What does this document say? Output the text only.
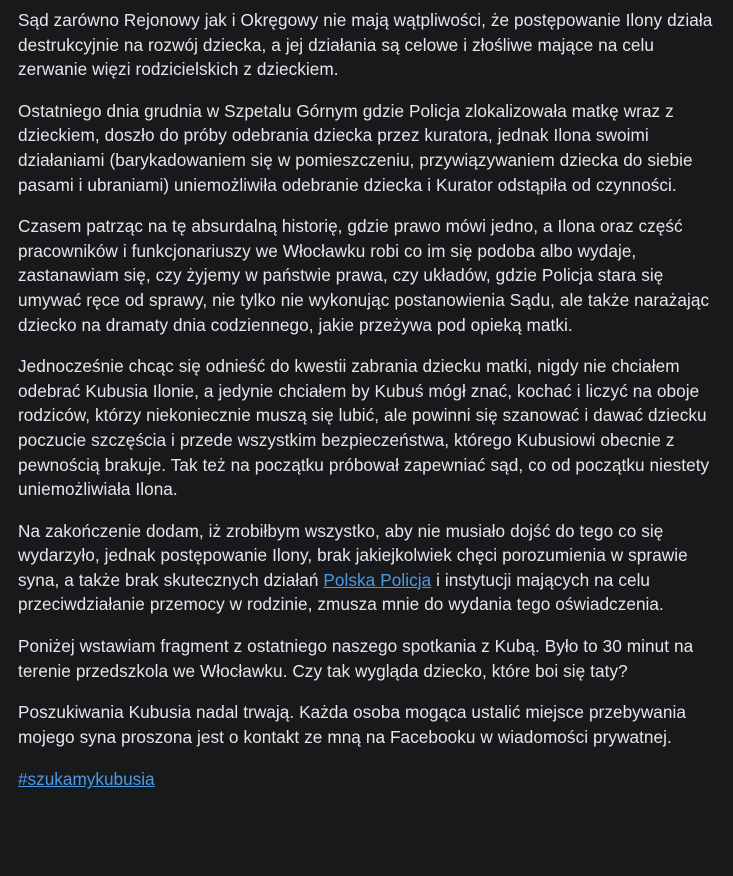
Sąd zarówno Rejonowy jak i Okręgowy nie mają wątpliwości, że postępowanie Ilony działa destrukcyjnie na rozwój dziecka, a jej działania są celowe i złośliwe mające na celu zerwanie więzi rodzicielskich z dzieckiem.

Ostatniego dnia grudnia w Szpetalu Górnym gdzie Policja zlokalizowała matkę wraz z dzieckiem, doszło do próby odebrania dziecka przez kuratora, jednak Ilona swoimi działaniami (barykadowaniem się w pomieszczeniu, przywiązywaniem dziecka do siebie pasami i ubraniami) uniemożliwiła odebranie dziecka i Kurator odstąpiła od czynności.

Czasem patrząc na tę absurdalną historię, gdzie prawo mówi jedno, a Ilona oraz część pracowników i funkcjonariuszy we Włocławku robi co im się podoba albo wydaje, zastanawiam się, czy żyjemy w państwie prawa, czy układów, gdzie Policja stara się umywać ręce od sprawy, nie tylko nie wykonując postanowienia Sądu, ale także narażając dziecko na dramaty dnia codziennego, jakie przeżywa pod opieką matki.

Jednocześnie chcąc się odnieść do kwestii zabrania dziecku matki, nigdy nie chciałem odebrać Kubusia Ilonie, a jedynie chciałem by Kubuś mógł znać, kochać i liczyć na oboje rodziców, którzy niekoniecznie muszą się lubić, ale powinni się szanować i dawać dziecku poczucie szczęścia i przede wszystkim bezpieczeństwa, którego Kubusiowi obecnie z pewnością brakuje. Tak też na początku próbował zapewniać sąd, co od początku niestety uniemożliwiała Ilona.

Na zakończenie dodam, iż zrobiłbym wszystko, aby nie musiało dojść do tego co się wydarzyło, jednak postępowanie Ilony, brak jakiejkolwiek chęci porozumienia w sprawie syna, a także brak skutecznych działań Polska Policja i instytucji mających na celu przeciwdziałanie przemocy w rodzinie, zmusza mnie do wydania tego oświadczenia.

Poniżej wstawiam fragment z ostatniego naszego spotkania z Kubą. Było to 30 minut na terenie przedszkola we Włocławku. Czy tak wygląda dziecko, które boi się taty?

Poszukiwania Kubusia nadal trwają. Każda osoba mogąca ustalić miejsce przebywania mojego syna proszona jest o kontakt ze mną na Facebooku w wiadomości prywatnej.

#szukamykubusia
